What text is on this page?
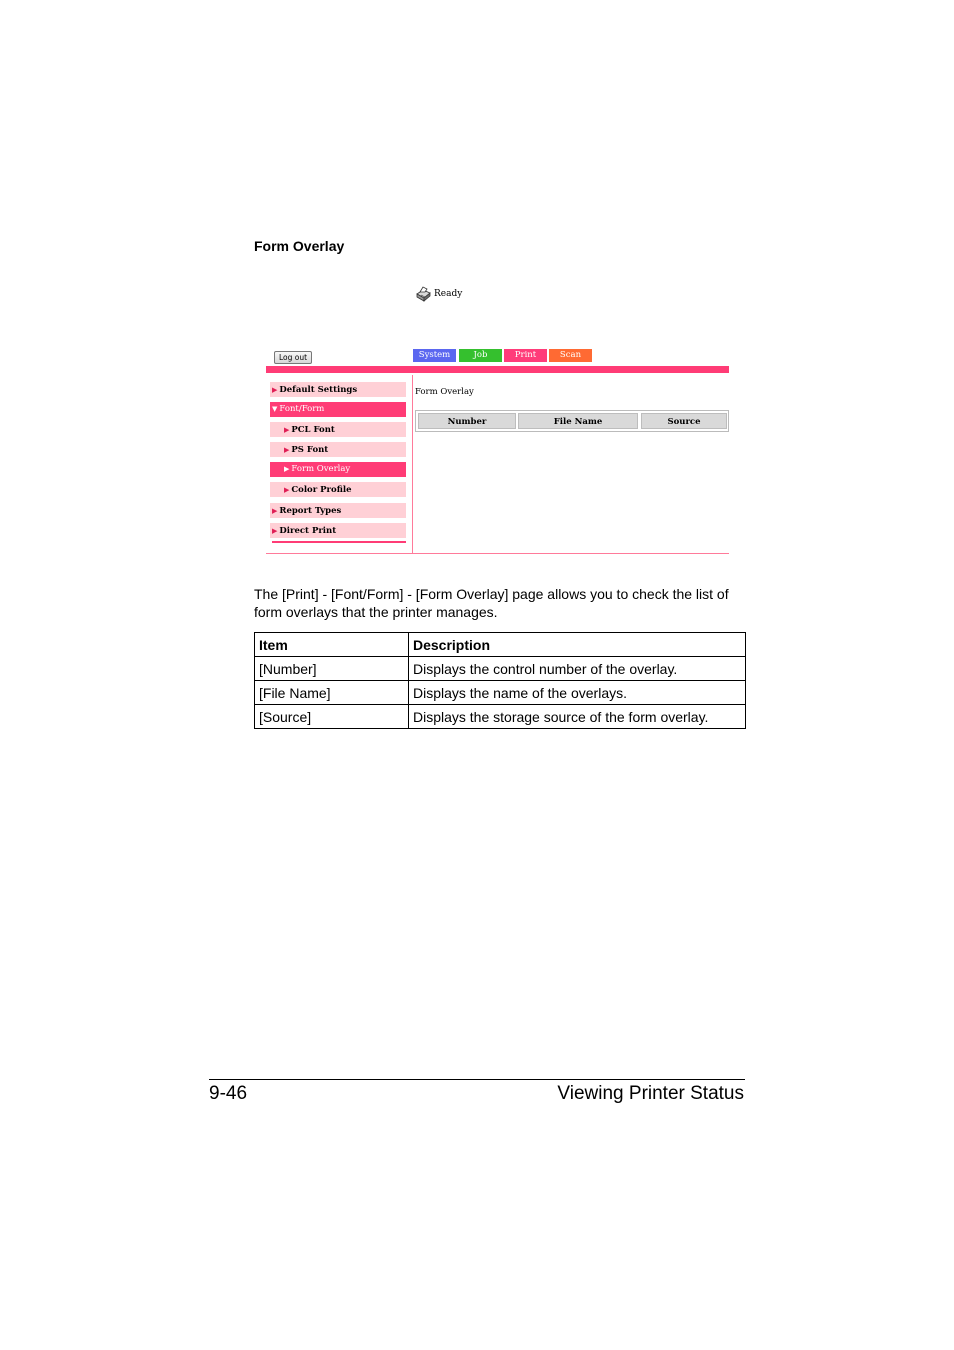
Form Overlay
Ready
Log out	System	Job	Print	Scan
▶ Default Settings
▼ Font/Form
▶ PCL Font
▶ PS Font
▶ Form Overlay
▶ Color Profile
▶ Report Types
▶ Direct Print
Form Overlay
Number	File Name	Source
The [Print] - [Font/Form] - [Form Overlay] page allows you to check the list of form overlays that the printer manages.
Item	Description
[Number]	Displays the control number of the overlay.
[File Name]	Displays the name of the overlays.
[Source]	Displays the storage source of the form overlay.
9-46	Viewing Printer Status
